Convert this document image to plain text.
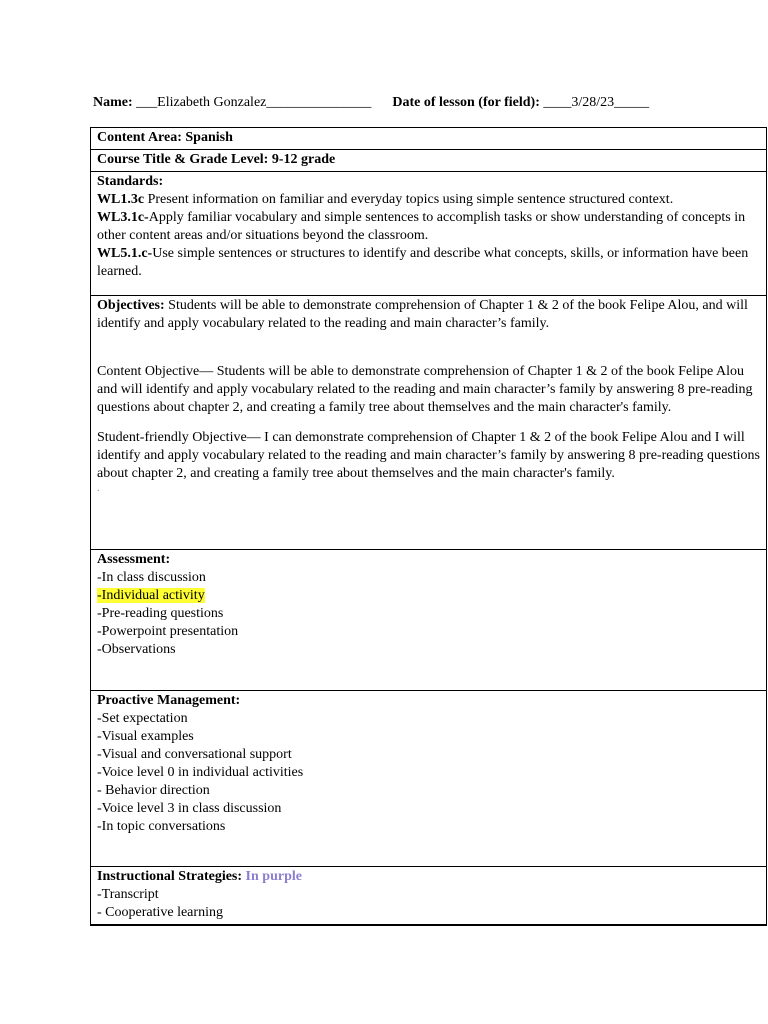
Name: ___Elizabeth Gonzalez_______________ Date of lesson (for field): ____3/28/23_____
Content Area: Spanish
Course Title & Grade Level: 9-12 grade

Standards:
WL1.3c Present information on familiar and everyday topics using simple sentence structured context.
WL3.1c-Apply familiar vocabulary and simple sentences to accomplish tasks or show understanding of concepts in other content areas and/or situations beyond the classroom.
WL5.1.c-Use simple sentences or structures to identify and describe what concepts, skills, or information have been learned.

Objectives: Students will be able to demonstrate comprehension of Chapter 1 & 2 of the book Felipe Alou, and will identify and apply vocabulary related to the reading and main character’s family.
Content Objective— Students will be able to demonstrate comprehension of Chapter 1 & 2 of the book Felipe Alou and will identify and apply vocabulary related to the reading and main character’s family by answering 8 pre-reading questions about chapter 2, and creating a family tree about themselves and the main character's family.
Student-friendly Objective— I can demonstrate comprehension of Chapter 1 & 2 of the book Felipe Alou and I will identify and apply vocabulary related to the reading and main character’s family by answering 8 pre-reading questions about chapter 2, and creating a family tree about themselves and the main character's family.
.

Assessment:
-In class discussion
-Individual activity
-Pre-reading questions
-Powerpoint presentation
-Observations

Proactive Management:
-Set expectation
-Visual examples
-Visual and conversational support
-Voice level 0 in individual activities
- Behavior direction
-Voice level 3 in class discussion
-In topic conversations

Instructional Strategies: In purple
-Transcript
- Cooperative learning
